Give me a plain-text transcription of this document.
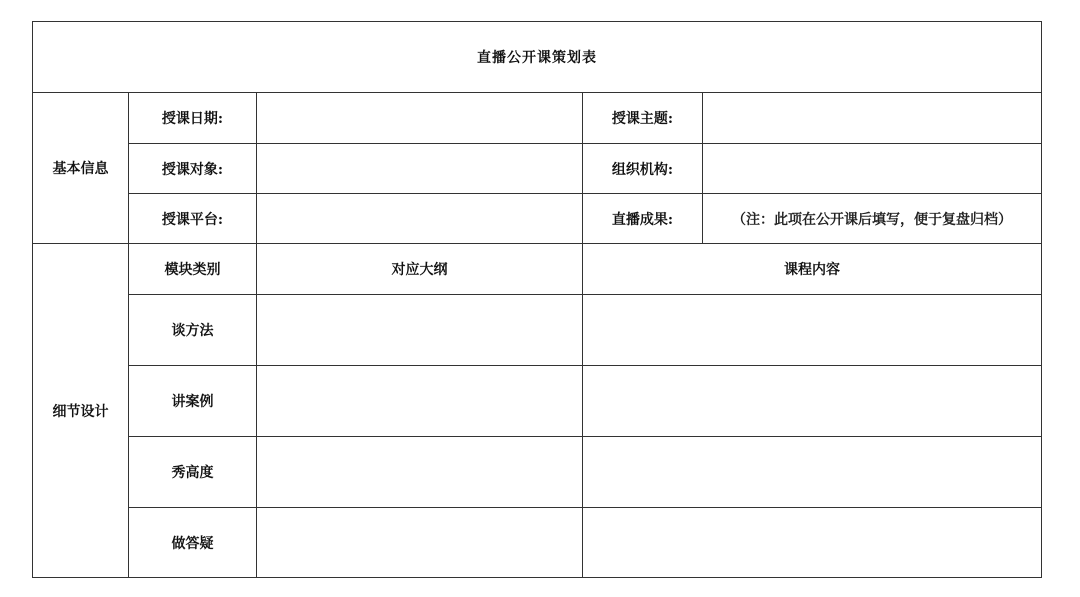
直播公开课策划表				
基本信息	授课日期:		授课主题:	
	授课对象:		组织机构:	
	授课平台:		直播成果:	（注：此项在公开课后填写，便于复盘归档）
细节设计	模块类别	对应大纲	课程内容	
	谈方法			
	讲案例			
	秀高度			
	做答疑			
